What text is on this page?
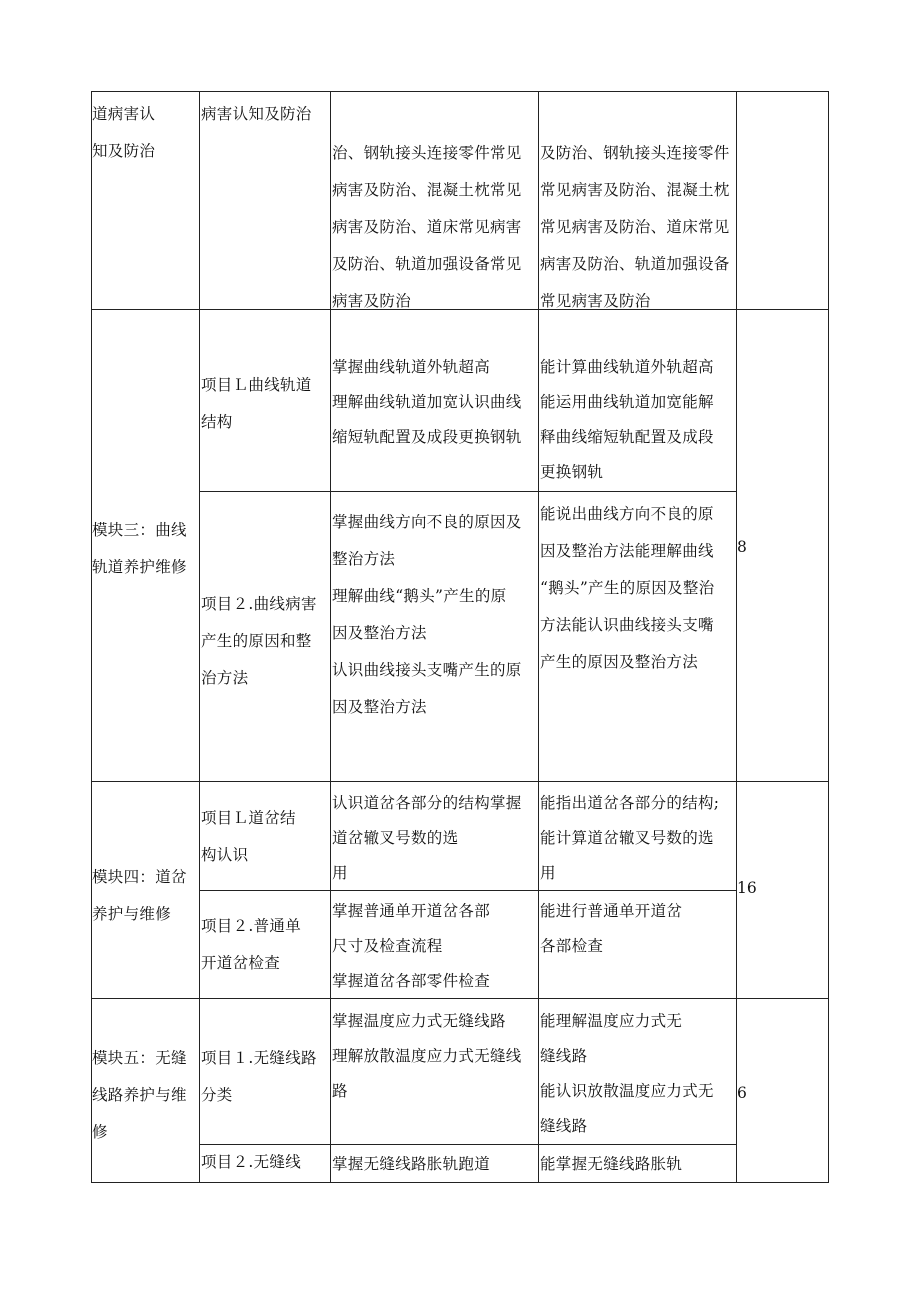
道病害认
知及防治
病害认知及防治
治、钢轨接头连接零件常见
病害及防治、混凝土枕常见
病害及防治、道床常见病害
及防治、轨道加强设备常见
病害及防治
及防治、钢轨接头连接零件
常见病害及防治、混凝土枕
常见病害及防治、道床常见
病害及防治、轨道加强设备
常见病害及防治
模块三：曲线
轨道养护维修
8
项目Ｌ曲线轨道
结构
掌握曲线轨道外轨超高
理解曲线轨道加宽认识曲线
缩短轨配置及成段更换钢轨
能计算曲线轨道外轨超高
能运用曲线轨道加宽能解
释曲线缩短轨配置及成段
更换钢轨
项目２.曲线病害
产生的原因和整
治方法
掌握曲线方向不良的原因及
整治方法
理解曲线“鹅头”产生的原
因及整治方法
认识曲线接头支嘴产生的原
因及整治方法
能说出曲线方向不良的原
因及整治方法能理解曲线
“鹅头”产生的原因及整治
方法能认识曲线接头支嘴
产生的原因及整治方法
模块四：道岔
养护与维修
16
项目Ｌ道岔结
构认识
认识道岔各部分的结构掌握
道岔辙叉号数的选
用
能指出道岔各部分的结构;
能计算道岔辙叉号数的选
用
项目２.普通单
开道岔检查
掌握普通单开道岔各部
尺寸及检查流程
掌握道岔各部零件检查
能进行普通单开道岔
各部检查
模块五：无缝
线路养护与维
修
6
项目１.无缝线路
分类
掌握温度应力式无缝线路
理解放散温度应力式无缝线
路
能理解温度应力式无
缝线路
能认识放散温度应力式无
缝线路
项目２.无缝线 掌握无缝线路胀轨跑道	能掌握无缝线路胀轨
